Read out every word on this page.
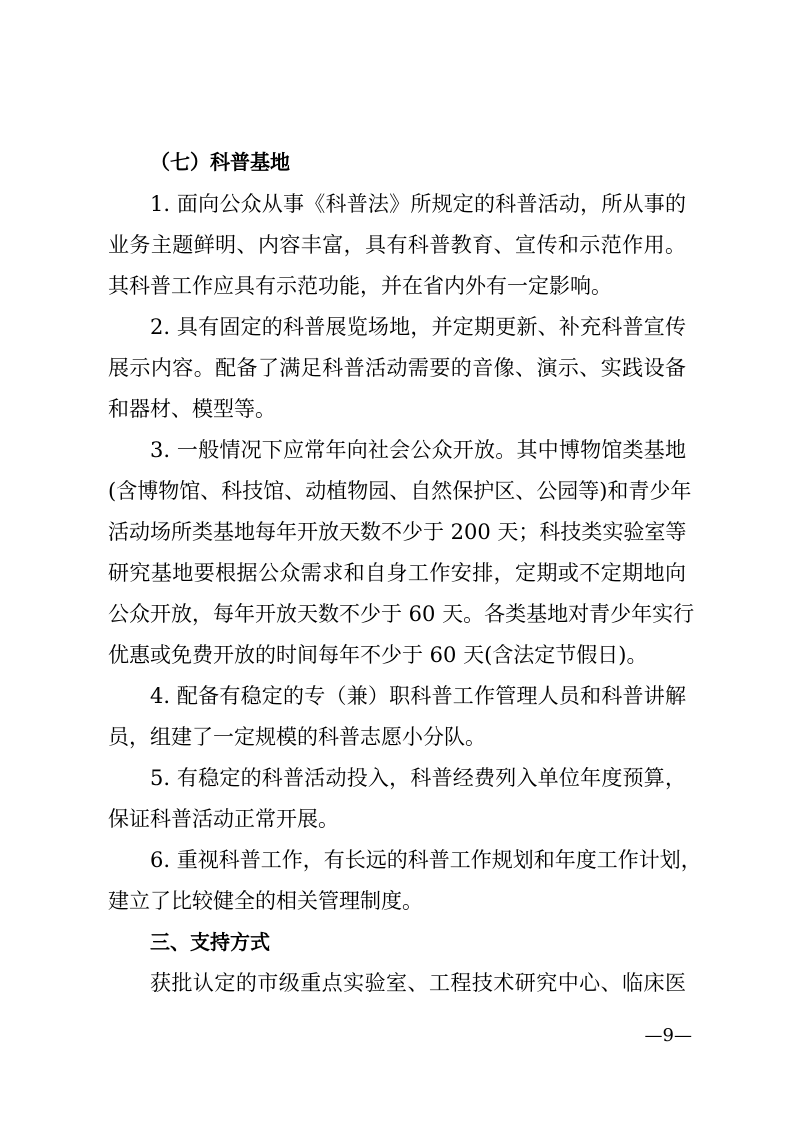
（七）科普基地
1. 面向公众从事《科普法》所规定的科普活动，所从事的
业务主题鲜明、内容丰富，具有科普教育、宣传和示范作用。
其科普工作应具有示范功能，并在省内外有一定影响。
2. 具有固定的科普展览场地，并定期更新、补充科普宣传
展示内容。配备了满足科普活动需要的音像、演示、实践设备
和器材、模型等。
3. 一般情况下应常年向社会公众开放。其中博物馆类基地
(含博物馆、科技馆、动植物园、自然保护区、公园等)和青少年
活动场所类基地每年开放天数不少于 200 天；科技类实验室等
研究基地要根据公众需求和自身工作安排，定期或不定期地向
公众开放，每年开放天数不少于 60 天。各类基地对青少年实行
优惠或免费开放的时间每年不少于 60 天(含法定节假日)。
4. 配备有稳定的专（兼）职科普工作管理人员和科普讲解
员，组建了一定规模的科普志愿小分队。
5. 有稳定的科普活动投入，科普经费列入单位年度预算，
保证科普活动正常开展。
6. 重视科普工作，有长远的科普工作规划和年度工作计划，
建立了比较健全的相关管理制度。
三、支持方式
获批认定的市级重点实验室、工程技术研究中心、临床医
—9—
